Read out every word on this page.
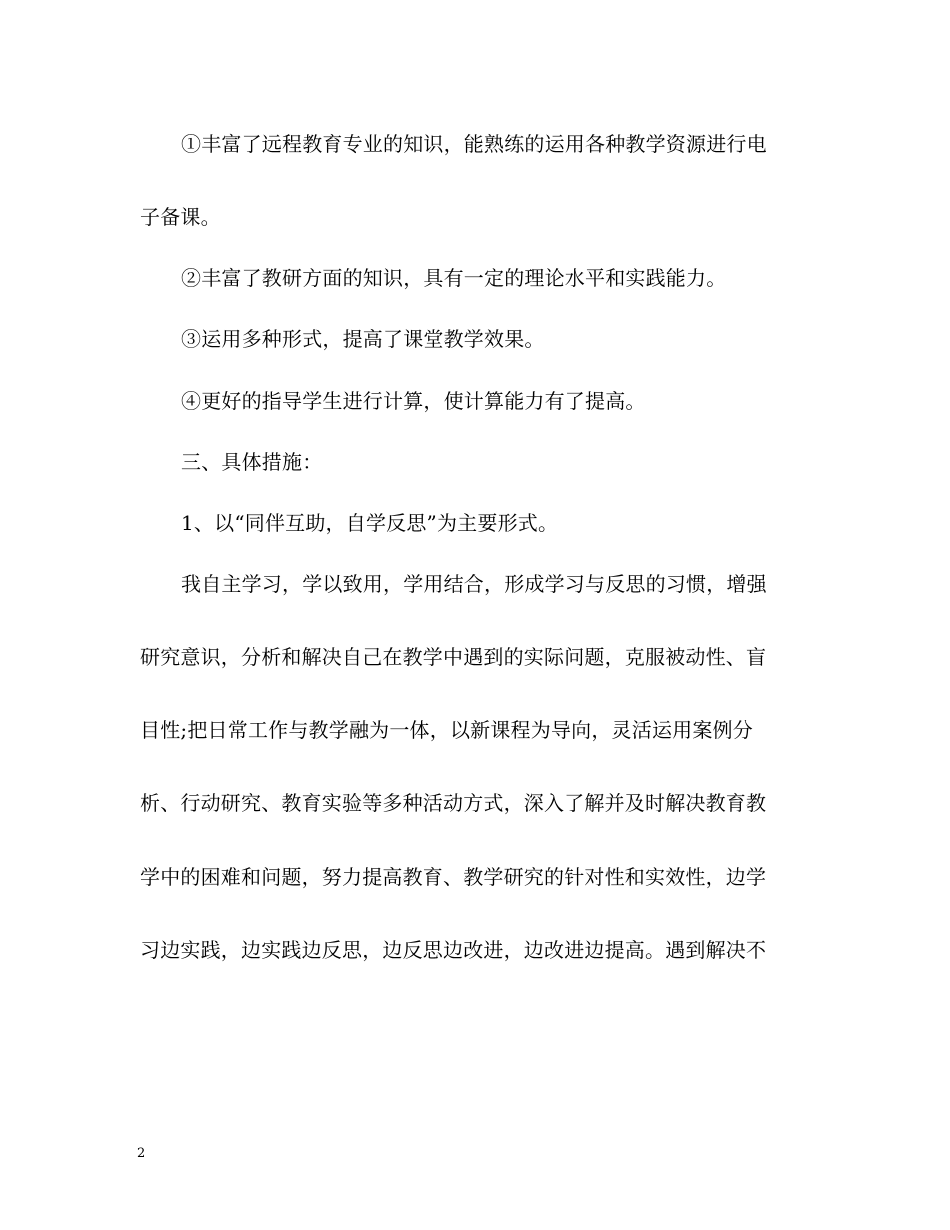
①丰富了远程教育专业的知识，能熟练的运用各种教学资源进行电
子备课。
②丰富了教研方面的知识，具有一定的理论水平和实践能力。
③运用多种形式，提高了课堂教学效果。
④更好的指导学生进行计算，使计算能力有了提高。
三、具体措施：
1、以“同伴互助，自学反思”为主要形式。
我自主学习，学以致用，学用结合，形成学习与反思的习惯，增强
研究意识，分析和解决自己在教学中遇到的实际问题，克服被动性、盲
目性;把日常工作与教学融为一体，以新课程为导向，灵活运用案例分
析、行动研究、教育实验等多种活动方式，深入了解并及时解决教育教
学中的困难和问题，努力提高教育、教学研究的针对性和实效性，边学
习边实践，边实践边反思，边反思边改进，边改进边提高。遇到解决不
2
